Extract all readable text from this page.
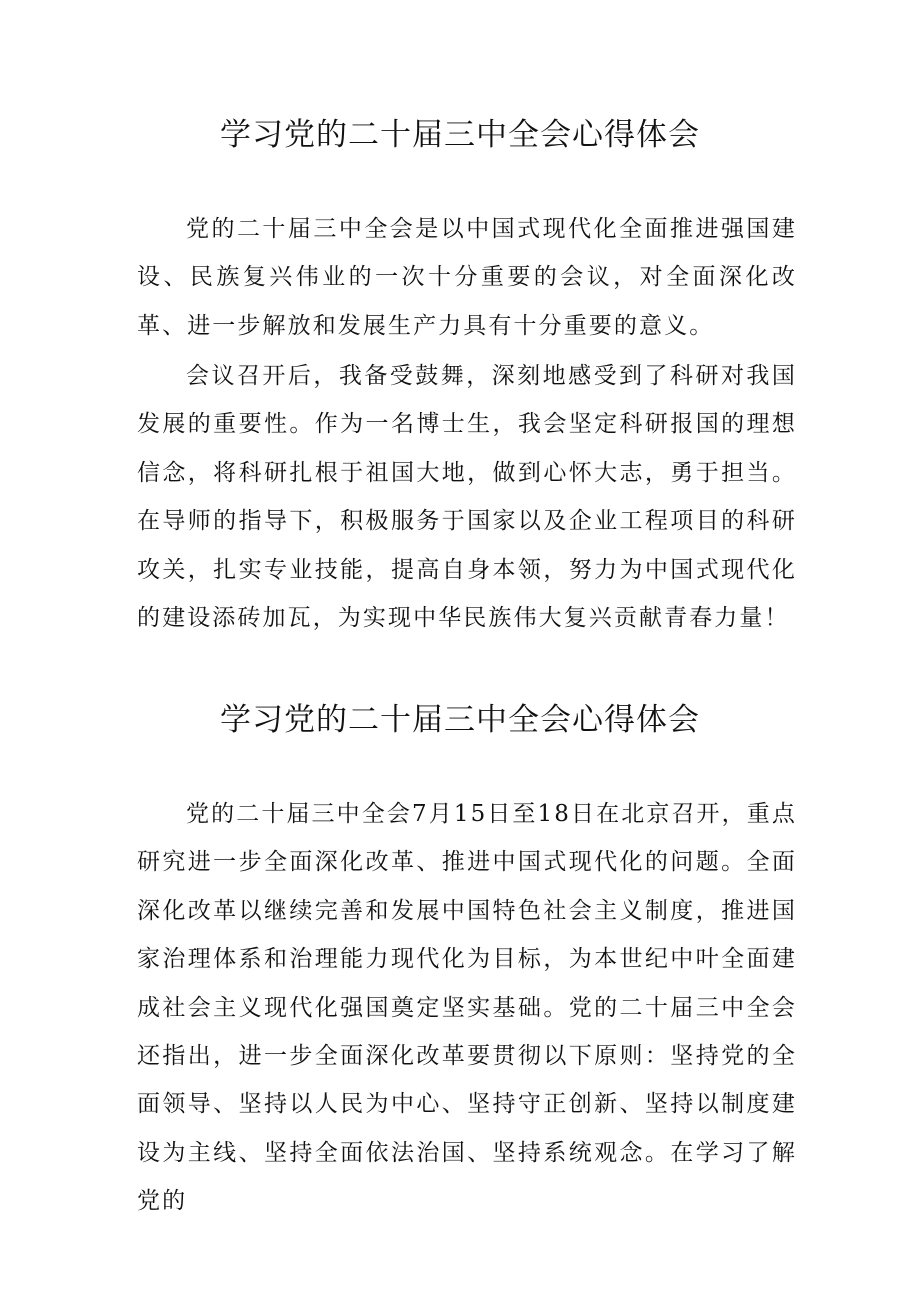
学习党的二十届三中全会心得体会

党的二十届三中全会是以中国式现代化全面推进强国建设、民族复兴伟业的一次十分重要的会议，对全面深化改革、进一步解放和发展生产力具有十分重要的意义。

会议召开后，我备受鼓舞，深刻地感受到了科研对我国发展的重要性。作为一名博士生，我会坚定科研报国的理想信念，将科研扎根于祖国大地，做到心怀大志，勇于担当。在导师的指导下，积极服务于国家以及企业工程项目的科研攻关，扎实专业技能，提高自身本领，努力为中国式现代化的建设添砖加瓦，为实现中华民族伟大复兴贡献青春力量！

学习党的二十届三中全会心得体会

党的二十届三中全会7月15日至18日在北京召开，重点研究进一步全面深化改革、推进中国式现代化的问题。全面深化改革以继续完善和发展中国特色社会主义制度，推进国家治理体系和治理能力现代化为目标，为本世纪中叶全面建成社会主义现代化强国奠定坚实基础。党的二十届三中全会还指出，进一步全面深化改革要贯彻以下原则：坚持党的全面领导、坚持以人民为中心、坚持守正创新、坚持以制度建设为主线、坚持全面依法治国、坚持系统观念。在学习了解党的
